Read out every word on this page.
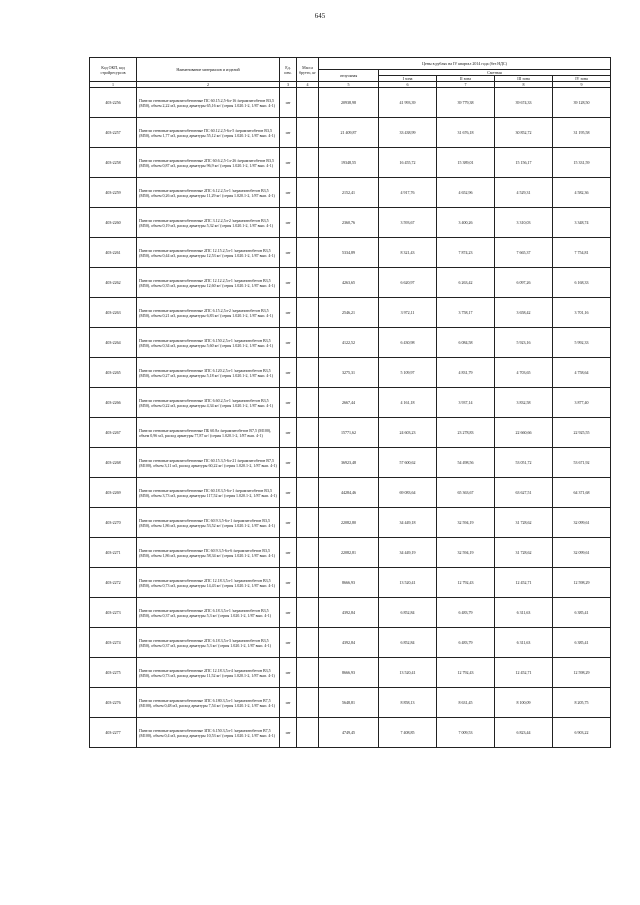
645
Код ОКП, код стройресурсов	Наименование материалов и изделий	Ед. изм.	Масса брутто, кг	Цены в рублях на IV квартал 2014 года (без НДС)				
				отпускная	Сметная			
					I зона	II зона	III зона	IV зона
1	2	3	4	5	6	7	8	9
403-2256	Панели стеновые керамзитобетонные ПС 60.15.2,5-6л-16 /керамзитобетон В3,5 (М50), объем 2,22 м3, расход арматуры 65,16 кг/ (серия 1.020.1-2, 1/87 вып. 4-1)	шт		20938,98	41 993,39	39 779,38	39 674,33	39 128,50
403-2257	Панели стеновые керамзитобетонные ПС 60.12.2,5-6л-5 /керамзитобетон В3,5 (М50), объем 1,77 м3, расход арматуры 55,12 кг/ (серия 1.020.1-2, 1/87 вып. 4-1)	шт		21 409,87	33 438,99	31 676,18	30 852,72	31 195,58
403-2258	Панели стеновые керамзитобетонные 2ПС 60.6.2,5-1л-26 /керамзитобетон В3,5 (М50), объем 0,87 м3, расход арматуры 96,9 кг/ (серия 1.020.1-2, 1/87 вып. 4-1)	шт		19348,55	16 455,72	15 389,01	15 156,17	15 331,59
403-2259	Панели стеновые керамзитобетонные 2ПС 6.12.2,5л-1 /керамзитобетон В3,5 (М50), объем 0,26 м3, расход арматуры 11,29 кг/ (серия 1.020.1-2, 1/87 вып. 4-1)	шт		2152,41	4 917,76	4 652,96	4 529,31	4 582,36
403-2260	Панели стеновые керамзитобетонные 2ПС 3.12.2,5л-2 /керамзитобетон В3,5 (М50), объем 0,19 м3, расход арматуры 5,32 кг/ (серия 1.020.1-2, 1/87 вып. 4-1)	шт		2360,76	3 593,67	3 400,26	3 310,03	3 348,74
403-2261	Панели стеновые керамзитобетонные 2ПС 12.15.2,5л-1 /керамзитобетон В3,5 (М50), объем 0,44 м3, расход арматуры 12,53 кг/ (серия 1.020.1-2, 1/87 вып. 4-1)	шт		5334,89	8 321,43	7 874,23	7 665,37	7 754,81
403-2262	Панели стеновые керамзитобетонные 2ПС 12.12.2,5л-1 /керамзитобетон В3,5 (М50), объем 0,35 м3, расход арматуры 12,60 кг/ (серия 1.020.1-2, 1/87 вып. 4-1)	шт		4263,65	6 620,97	6 263,42	6 097,26	6 168,33
403-2263	Панели стеновые керамзитобетонные 2ПС 6.15.2,5л-2 /керамзитобетон В3,5 (М50), объем 0,21 м3, расход арматуры 6,83 кг/ (серия 1.020.1-2, 1/87 вып. 4-1)	шт		2546,21	3 972,11	3 758,17	3 658,42	3 701,16
403-2264	Панели стеновые керамзитобетонные 3ПС 6.150.2,5л-1 /керамзитобетон В3,5 (М50), объем 0,34 м3, расход арматуры 5,60 кг/ (серия 1.020.1-2, 1/87 вып. 4-1)	шт		4122,52	6 430,98	6 084,58	5 923,16	5 992,33
403-2265	Панели стеновые керамзитобетонные 3ПС 6.120.2,5л-1 /керамзитобетон В3,5 (М50), объем 0,27 м3, расход арматуры 5,18 кг/ (серия 1.020.1-2, 1/87 вып. 4-1)	шт		3275,31	5 109,97	4 831,79	4 703,65	4 758,64
403-2266	Панели стеновые керамзитобетонные 3ПС 6.60.2,5л-1 /керамзитобетон В3,5 (М50), объем 0,22 м3, расход арматуры 4,34 кг/ (серия 1.020.1-2, 1/87 вып. 4-1)	шт		2667,44	4 161,18	3 937,14	3 832,58	3 877,40
403-2267	Панели стеновые керамзитобетонные ПБ 60.8л /керамзитобетон В7,5 (М100), объем 0,96 м3, расход арматуры 77,87 кг/ (серия 1.020.1-2, 1/87 вып. 4-1)	шт		15771,62	24 603,23	23 278,83	22 660,66	22 925,55
403-2268	Панели стеновые керамзитобетонные ПС 60.15.3,5-6л-21 /керамзитобетон В7,5 (М100), объем 3,11 м3, расход арматуры 60,22 кг/ (серия 1.020.1-2, 1/87 вып. 4-1)	шт		36923,48	57 600,62	54 498,56	53 051,72	53 671,92
403-2269	Панели стеновые керамзитобетонные ПС 60.18.3,5-6л-1 /керамзитобетон В3,5 (М50), объем 3,73 м3, расход арматуры 117,52 кг/ (серия 1.020.1-2, 1/87 вып. 4-1)	шт		44284,46	69 083,64	65 363,67	63 627,51	64 371,68
403-2270	Панели стеновые керамзитобетонные ПС 60.9.3,5-6л-1 /керамзитобетон В3,5 (М50), объем 1,86 м3, расход арматуры 53,52 кг/ (серия 1.020.1-2, 1/87 вып. 4-1)	шт		22082,80	34 449,18	32 594,19	31 728,62	32 099,61
403-2271	Панели стеновые керамзитобетонные ПС 60.9.3,5-6л-6 /керамзитобетон В3,5 (М50), объем 1,86 м3, расход арматуры 58,34 кг/ (серия 1.020.1-2, 1/87 вып. 4-1)	шт		22082,81	34 449,19	32 594,19	31 728,62	32 099,61
403-2272	Панели стеновые керамзитобетонные 2ПС 12.18.3,5л-1 /керамзитобетон В3,5 (М50), объем 0,73 м3, расход арматуры 14,43 кг/ (серия 1.020.1-2, 1/87 вып. 4-1)	шт		8666,93	13 520,41	12 792,43	12 452,71	12 598,29
403-2273	Панели стеновые керамзитобетонные 2ПС 6.18.3,5л-1 /керамзитобетон В3,5 (М50), объем 0,37 м3, расход арматуры 5,3 кг/ (серия 1.020.1-2, 1/87 вып. 4-1)	шт		4392,84	6 852,84	6 483,79	6 311,63	6 385,41
403-2274	Панели стеновые керамзитобетонные 2ПС 6.18.3,5л-3 /керамзитобетон В3,5 (М50), объем 0,37 м3, расход арматуры 5,3 кг/ (серия 1.020.1-2, 1/87 вып. 4-1)	шт		4392,84	6 852,84	6 483,79	6 311,63	6 385,41
403-2275	Панели стеновые керамзитобетонные 2ПС 12.18.3,5л-4 /керамзитобетон В3,5 (М50), объем 0,73 м3, расход арматуры 11,52 кг/ (серия 1.020.1-2, 1/87 вып. 4-1)	шт		8666,93	13 520,41	12 792,43	12 452,71	12 598,29
403-2276	Панели стеновые керамзитобетонные 3ПС 6.180.3,5л-1 /керамзитобетон В7,5 (М100), объем 0,48 м3, расход арматуры 7,54 кг/ (серия 1.020.1-2, 1/87 вып. 4-1)	шт		5648,81	8 858,13	8 631,45	8 100,09	8 205,75
403-2277	Панели стеновые керамзитобетонные 3ПС 6.150.3,5л-1 /керамзитобетон В7,5 (М100), объем 0,4 м3, расход арматуры 10,53 кг/ (серия 1.020.1-2, 1/87 вып. 4-1)	шт		4749,45	7 408,85	7 009,53	6 823,44	6 903,22
